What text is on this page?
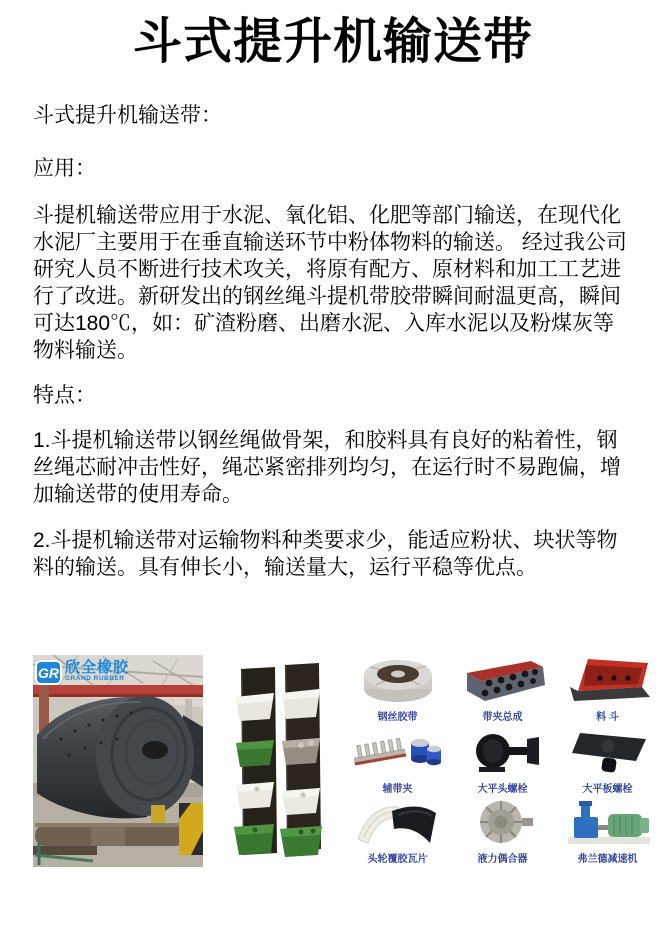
斗式提升机输送带

斗式提升机输送带：

应用：

斗提机输送带应用于水泥、氧化铝、化肥等部门输送，在现代化水泥厂主要用于在垂直输送环节中粉体物料的输送。 经过我公司研究人员不断进行技术攻关，将原有配方、原材料和加工工艺进行了改进。新研发出的钢丝绳斗提机带胶带瞬间耐温更高，瞬间可达180℃，如：矿渣粉磨、出磨水泥、入库水泥以及粉煤灰等物料输送。

特点：

1.斗提机输送带以钢丝绳做骨架，和胶料具有良好的粘着性，钢丝绳芯耐冲击性好，绳芯紧密排列均匀，在运行时不易跑偏，增加输送带的使用寿命。

2.斗提机输送带对运输物料种类要求少，能适应粉状、块状等物料的输送。具有伸长小，输送量大，运行平稳等优点。

GR 欣全橡胶
GRAND RUBBER
钢丝胶带	带夹总成	料 斗
辅带夹	大平头螺栓	大平板螺栓
头轮覆胶瓦片	液力偶合器	弗兰德减速机
